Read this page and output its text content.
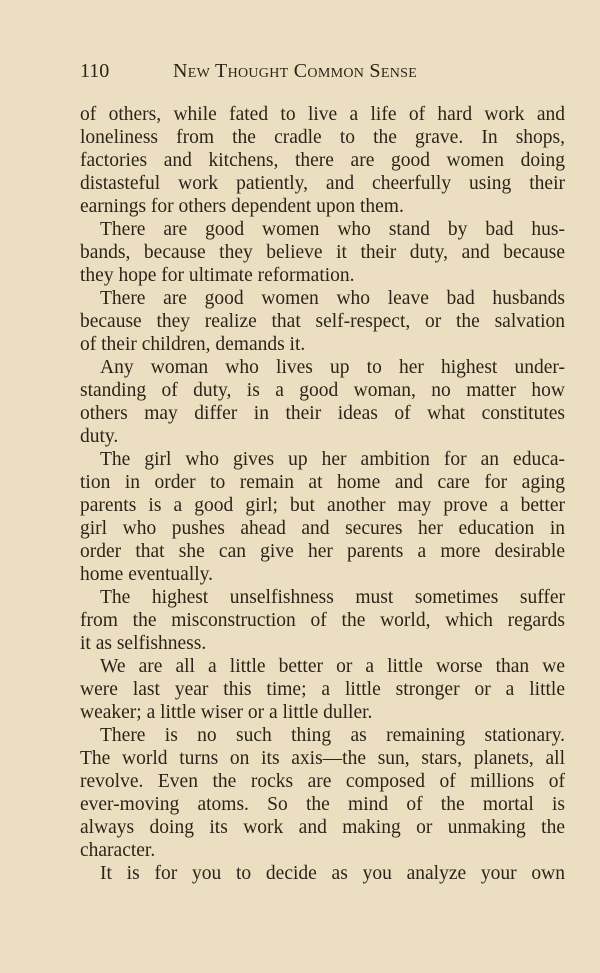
110	New Thought Common Sense
of others, while fated to live a life of hard work and
loneliness from the cradle to the grave. In shops,
factories and kitchens, there are good women doing
distasteful work patiently, and cheerfully using their
earnings for others dependent upon them.
There are good women who stand by bad hus-
bands, because they believe it their duty, and because
they hope for ultimate reformation.
There are good women who leave bad husbands
because they realize that self-respect, or the salvation
of their children, demands it.
Any woman who lives up to her highest under-
standing of duty, is a good woman, no matter how
others may differ in their ideas of what constitutes
duty.
The girl who gives up her ambition for an educa-
tion in order to remain at home and care for aging
parents is a good girl; but another may prove a better
girl who pushes ahead and secures her education in
order that she can give her parents a more desirable
home eventually.
The highest unselfishness must sometimes suffer
from the misconstruction of the world, which regards
it as selfishness.
We are all a little better or a little worse than we
were last year this time; a little stronger or a little
weaker; a little wiser or a little duller.
There is no such thing as remaining stationary.
The world turns on its axis—the sun, stars, planets, all
revolve. Even the rocks are composed of millions of
ever-moving atoms. So the mind of the mortal is
always doing its work and making or unmaking the
character.
It is for you to decide as you analyze your own
